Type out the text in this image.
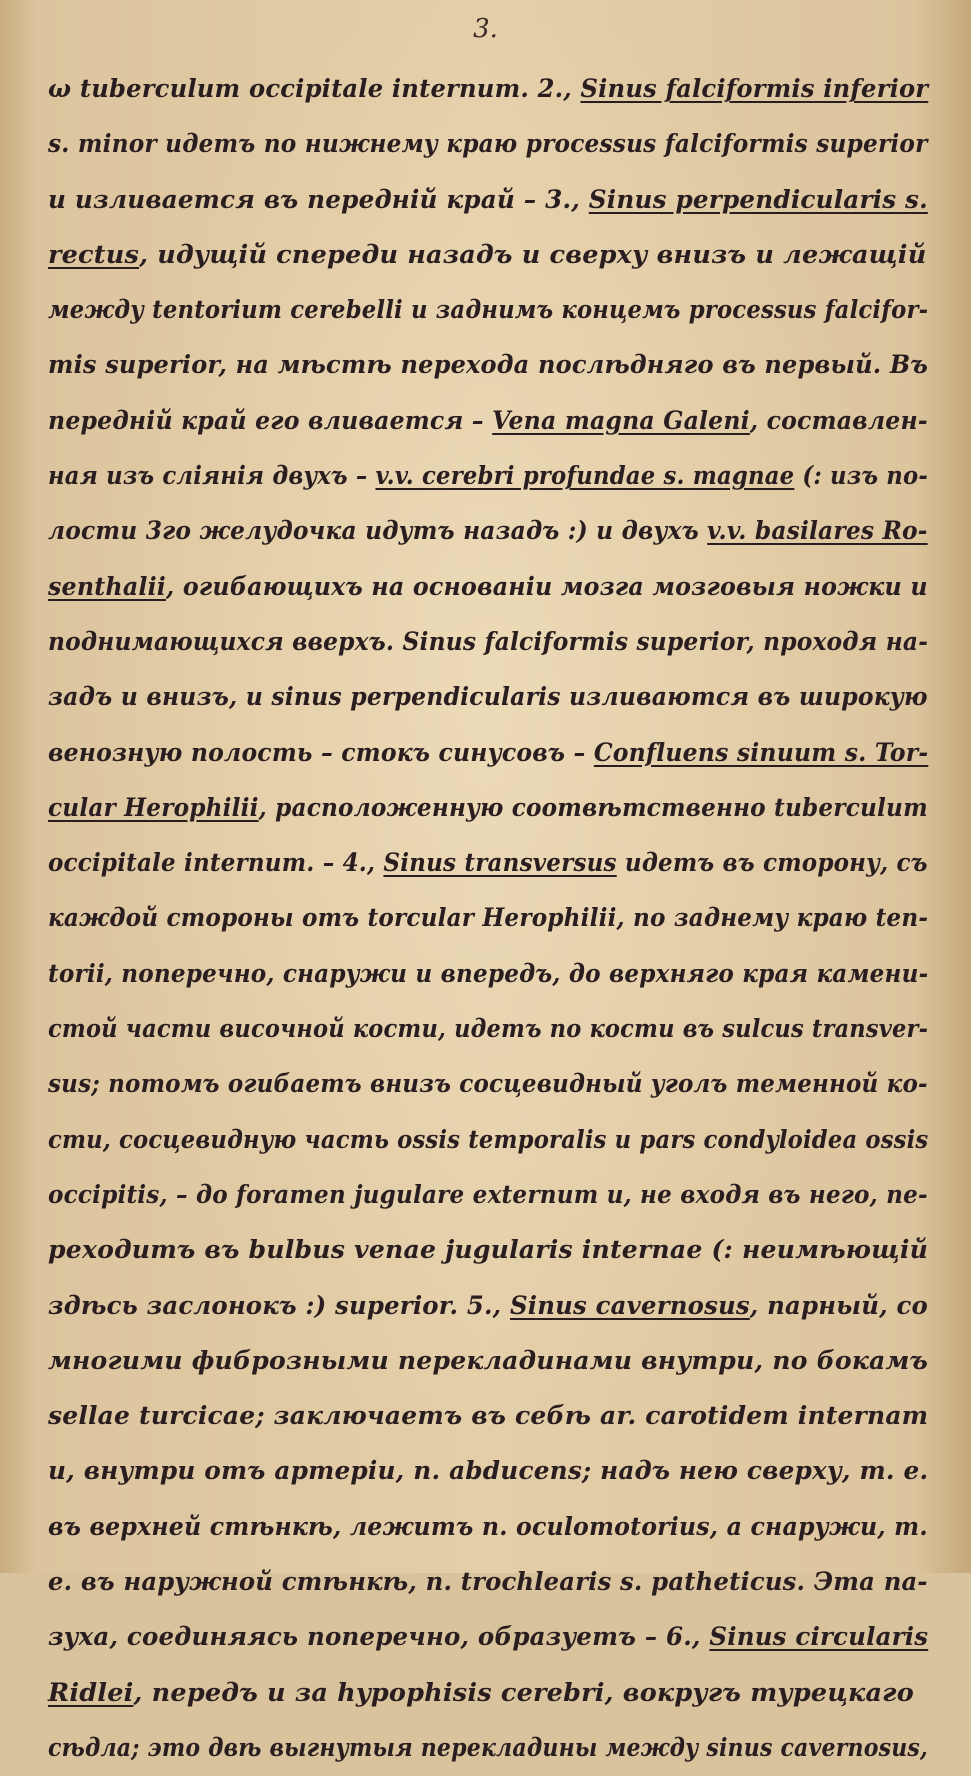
3.
ω tuberculum occipitale internum. 2., Sinus falciformis inferior
s. minor идетъ по нижнему краю processus falciformis superior
и изливается въ передній край – 3., Sinus perpendicularis s.
rectus, идущій спереди назадъ и сверху внизъ и лежащій
между tentorium cerebelli и заднимъ концемъ processus falcifor-
mis superior, на мѣстѣ перехода послѣдняго въ первый. Въ
передній край его вливается – Vena magna Galeni, составлен-
ная изъ сліянія двухъ – v.v. cerebri profundae s. magnae (: изъ по-
лости 3го желудочка идутъ назадъ :) и двухъ v.v. basilares Ro-
senthalii, огибающихъ на основаніи мозга мозговыя ножки и
поднимающихся вверхъ. Sinus falciformis superior, проходя на-
задъ и внизъ, и sinus perpendicularis изливаются въ широкую
венозную полость – стокъ синусовъ – Confluens sinuum s. Tor-
cular Herophilii, расположенную соотвѣтственно tuberculum
occipitale internum. – 4., Sinus transversus идетъ въ сторону, съ
каждой стороны отъ torcular Herophilii, по заднему краю ten-
torii, поперечно, снаружи и впередъ, до верхняго края камени-
стой части височной кости, идетъ по кости въ sulcus transver-
sus; потомъ огибаетъ внизъ сосцевидный уголъ теменной ко-
сти, сосцевидную часть ossis temporalis и pars condyloidea ossis
occipitis, – до foramen jugulare externum и, не входя въ него, пе-
реходитъ въ bulbus venae jugularis internae (: неимѣющій
здѣсь заслонокъ :) superior. 5., Sinus cavernosus, парный, со
многими фиброзными перекладинами внутри, по бокамъ
sellae turcicae; заключаетъ въ себѣ ar. carotidem internam
и, внутри отъ артеріи, n. abducens; надъ нею сверху, т. е.
въ верхней стѣнкѣ, лежитъ n. oculomotorius, а снаружи, т.
е. въ наружной стѣнкѣ, n. trochlearis s. patheticus. Эта па-
зуха, соединяясь поперечно, образуетъ – 6., Sinus circularis
Ridlei, передъ и за hypophisis cerebri, вокругъ турецкаго
сѣдла; это двѣ выгнутыя перекладины между sinus cavernosus,
